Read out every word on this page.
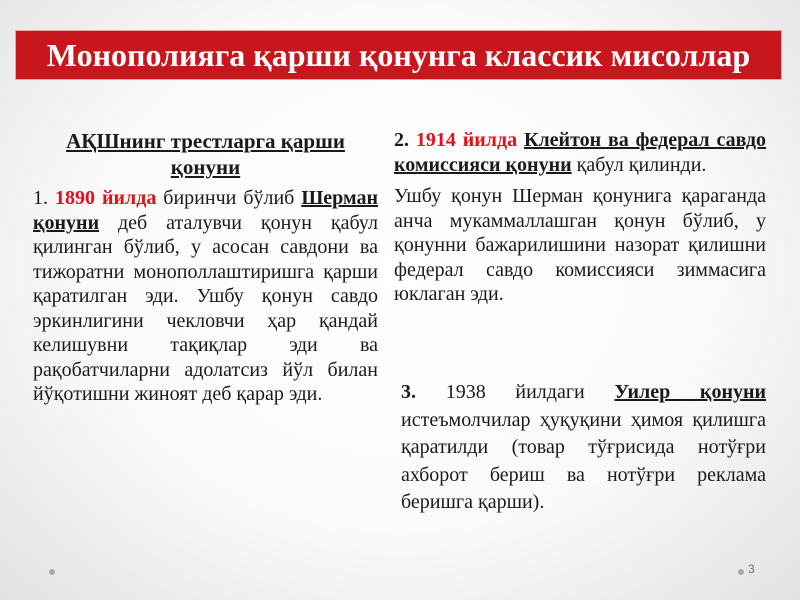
Монополияга қарши қонунга классик мисоллар
АҚШнинг трестларга қарши қонуни

1. 1890 йилда биринчи бўлиб Шерман қонуни деб аталувчи қонун қабул қилинган бўлиб, у асосан савдони ва тижоратни монополлаштиришга қарши қаратилган эди. Ушбу қонун савдо эркинлигини чекловчи ҳар қандай келишувни тақиқлар эди ва рақобатчиларни адолатсиз йўл билан йўқотишни жиноят деб қарар эди.

2. 1914 йилда Клейтон ва федерал савдо комиссияси қонуни қабул қилинди.

Ушбу қонун Шерман қонунига қараганда анча мукаммаллашган қонун бўлиб, у қонунни бажарилишини назорат қилишни федерал савдо комиссияси зиммасига юклаган эди.

3. 1938 йилдаги Уилер қонуни истеъмолчилар ҳуқуқини ҳимоя қилишга қаратилди (товар тўғрисида нотўғри ахборот бериш ва нотўғри реклама беришга қарши).

3
